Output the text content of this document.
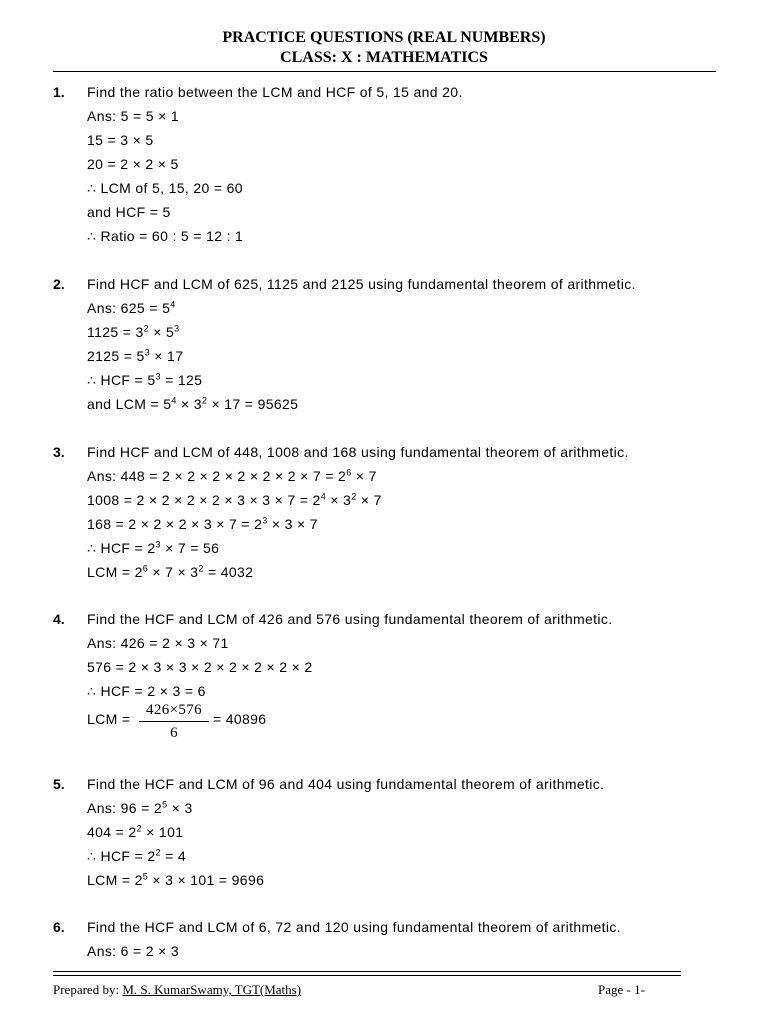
PRACTICE QUESTIONS (REAL NUMBERS)
CLASS: X : MATHEMATICS
1. Find the ratio between the LCM and HCF of 5, 15 and 20.
Ans: 5 = 5 × 1
15 = 3 × 5
20 = 2 × 2 × 5
∴ LCM of 5, 15, 20 = 60
and HCF = 5
∴ Ratio = 60 : 5 = 12 : 1
2. Find HCF and LCM of 625, 1125 and 2125 using fundamental theorem of arithmetic.
Ans: $625 = 5^4$
$1125 = 3^2 \times 5^3$
$2125 = 5^3 \times 17$
∴ HCF = $5^3 = 125$
and LCM = $5^4 \times 3^2 \times 17 = 95625$
3. Find HCF and LCM of 448, 1008 and 168 using fundamental theorem of arithmetic.
Ans: $448 = 2 \times 2 \times 2 \times 2 \times 2 \times 2 \times 7 = 2^6 \times 7$
$1008 = 2 \times 2 \times 2 \times 2 \times 3 \times 3 \times 7 = 2^4 \times 3^2 \times 7$
$168 = 2 \times 2 \times 2 \times 3 \times 7 = 2^3 \times 3 \times 7$
∴ HCF = $2^3 \times 7 = 56$
LCM = $2^6 \times 7 \times 3^2 = 4032$
4. Find the HCF and LCM of 426 and 576 using fundamental theorem of arithmetic.
Ans: 426 = 2 × 3 × 71
576 = 2 × 3 × 3 × 2 × 2 × 2 × 2 × 2
∴ HCF = 2 × 3 = 6
LCM =
426×576
6
= 40896
5. Find the HCF and LCM of 96 and 404 using fundamental theorem of arithmetic.
Ans: $96 = 2^5 \times 3$
$404 = 2^2 \times 101$
∴ HCF = $2^2 = 4$
LCM = $2^5 \times 3 \times 101 = 9696$
6. Find the HCF and LCM of 6, 72 and 120 using fundamental theorem of arithmetic.
Ans: 6 = 2 × 3
Prepared by: M. S. KumarSwamy, TGT(Maths)	Page - 1-
